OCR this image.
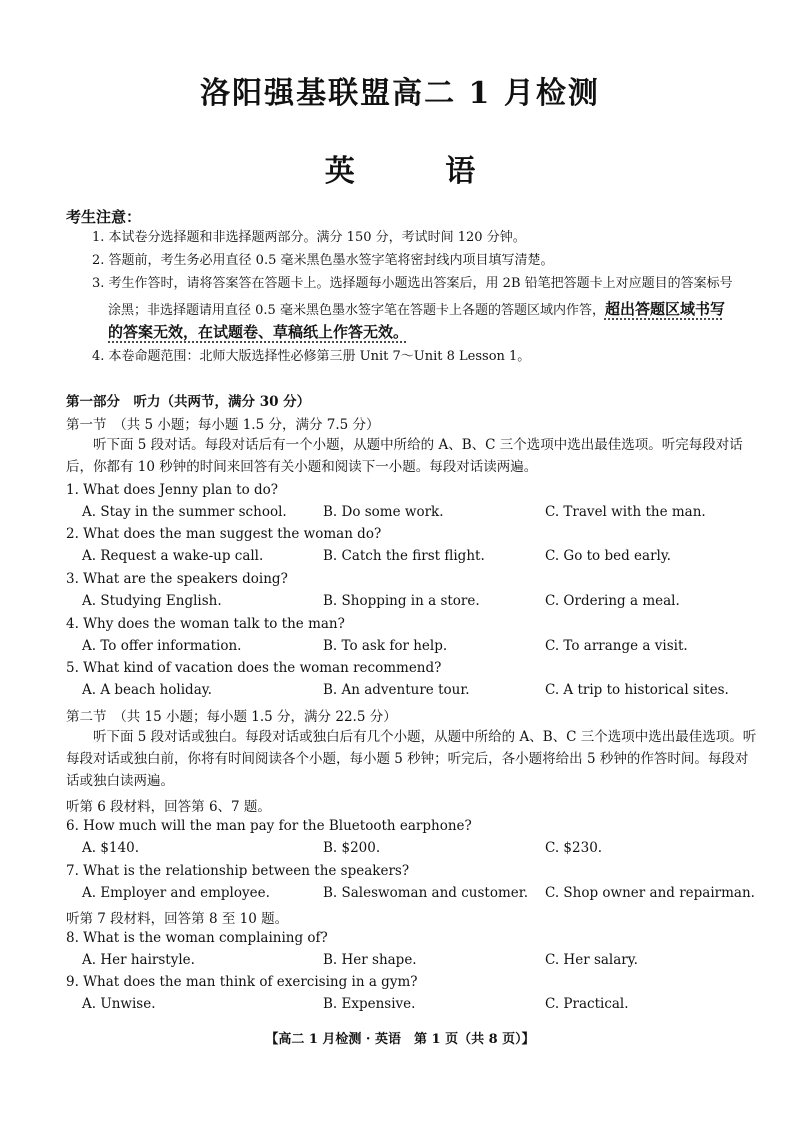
洛阳强基联盟高二 1 月检测
英 语
考生注意：
1. 本试卷分选择题和非选择题两部分。满分 150 分，考试时间 120 分钟。
2. 答题前，考生务必用直径 0.5 毫米黑色墨水签字笔将密封线内项目填写清楚。
3. 考生作答时，请将答案答在答题卡上。选择题每小题选出答案后，用 2B 铅笔把答题卡上对应题目的答案标号
涂黑；非选择题请用直径 0.5 毫米黑色墨水签字笔在答题卡上各题的答题区域内作答，超出答题区域书写
的答案无效，在试题卷、草稿纸上作答无效。
4. 本卷命题范围：北师大版选择性必修第三册 Unit 7～Unit 8 Lesson 1。
第一部分　听力（共两节，满分 30 分）
第一节　（共 5 小题；每小题 1.5 分，满分 7.5 分）
听下面 5 段对话。每段对话后有一个小题，从题中所给的 A、B、C 三个选项中选出最佳选项。听完每段对话后，你都有 10 秒钟的时间来回答有关小题和阅读下一小题。每段对话读两遍。
1. What does Jenny plan to do?
A. Stay in the summer school.	B. Do some work.	C. Travel with the man.
2. What does the man suggest the woman do?
A. Request a wake-up call.	B. Catch the first flight.	C. Go to bed early.
3. What are the speakers doing?
A. Studying English.	B. Shopping in a store.	C. Ordering a meal.
4. Why does the woman talk to the man?
A. To offer information.	B. To ask for help.	C. To arrange a visit.
5. What kind of vacation does the woman recommend?
A. A beach holiday.	B. An adventure tour.	C. A trip to historical sites.
第二节　（共 15 小题；每小题 1.5 分，满分 22.5 分）
听下面 5 段对话或独白。每段对话或独白后有几个小题，从题中所给的 A、B、C 三个选项中选出最佳选项。听每段对话或独白前，你将有时间阅读各个小题，每小题 5 秒钟；听完后，各小题将给出 5 秒钟的作答时间。每段对话或独白读两遍。
听第 6 段材料，回答第 6、7 题。
6. How much will the man pay for the Bluetooth earphone?
A. $140.	B. $200.	C. $230.
7. What is the relationship between the speakers?
A. Employer and employee.	B. Saleswoman and customer. C. Shop owner and repairman.
听第 7 段材料，回答第 8 至 10 题。
8. What is the woman complaining of?
A. Her hairstyle.	B. Her shape.	C. Her salary.
9. What does the man think of exercising in a gym?
A. Unwise.	B. Expensive.	C. Practical.
【高二 1 月检测 · 英语　第 1 页（共 8 页）】
